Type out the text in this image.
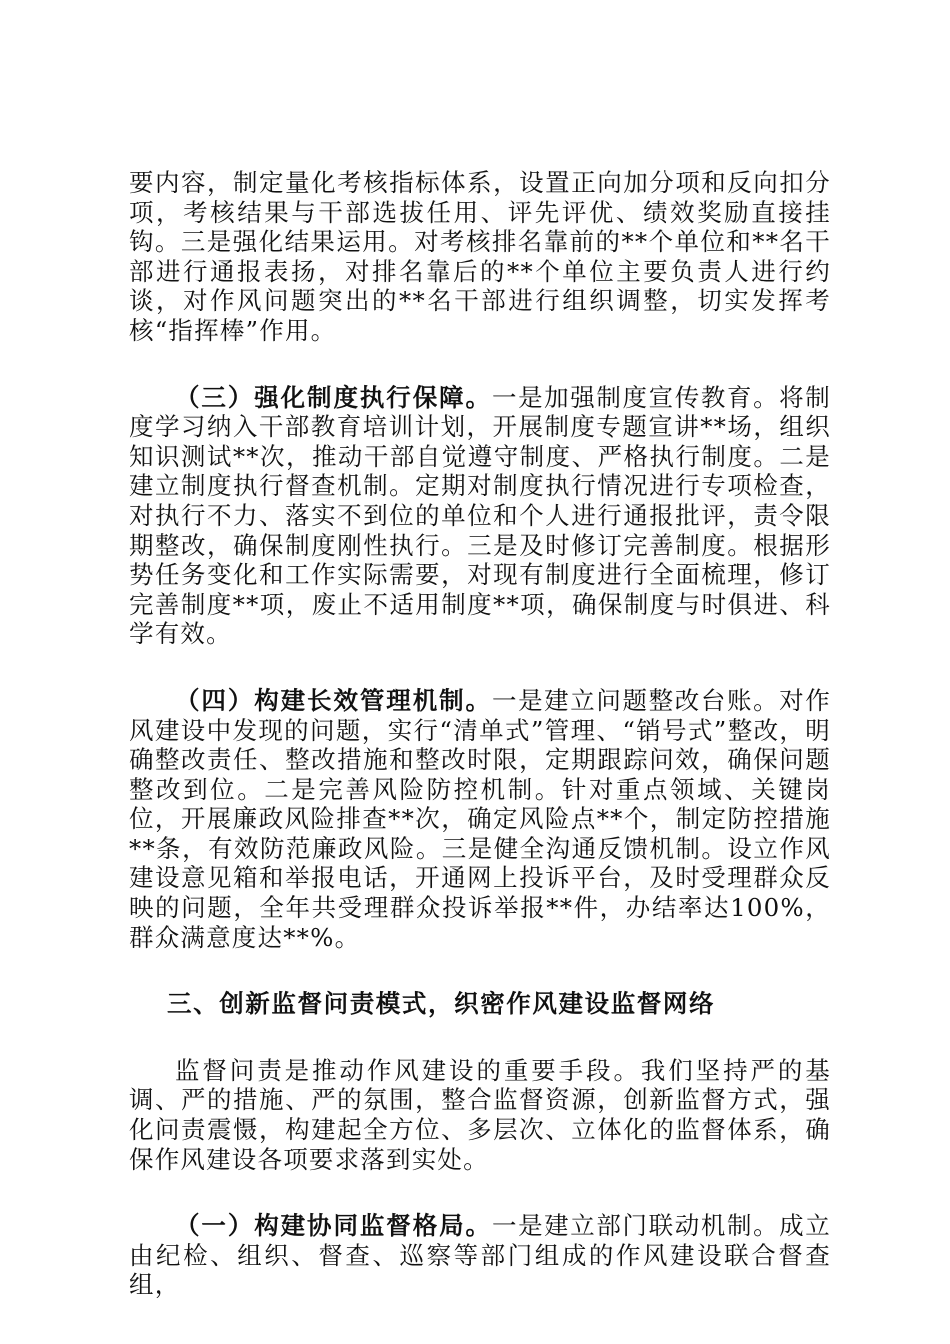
要内容，制定量化考核指标体系，设置正向加分项和反向扣分项，考核结果与干部选拔任用、评先评优、绩效奖励直接挂钩。三是强化结果运用。对考核排名靠前的**个单位和**名干部进行通报表扬，对排名靠后的**个单位主要负责人进行约谈，对作风问题突出的**名干部进行组织调整，切实发挥考核“指挥棒”作用。

（三）强化制度执行保障。一是加强制度宣传教育。将制度学习纳入干部教育培训计划，开展制度专题宣讲**场，组织知识测试**次，推动干部自觉遵守制度、严格执行制度。二是建立制度执行督查机制。定期对制度执行情况进行专项检查，对执行不力、落实不到位的单位和个人进行通报批评，责令限期整改，确保制度刚性执行。三是及时修订完善制度。根据形势任务变化和工作实际需要，对现有制度进行全面梳理，修订完善制度**项，废止不适用制度**项，确保制度与时俱进、科学有效。

（四）构建长效管理机制。一是建立问题整改台账。对作风建设中发现的问题，实行“清单式”管理、“销号式”整改，明确整改责任、整改措施和整改时限，定期跟踪问效，确保问题整改到位。二是完善风险防控机制。针对重点领域、关键岗位，开展廉政风险排查**次，确定风险点**个，制定防控措施**条，有效防范廉政风险。三是健全沟通反馈机制。设立作风建设意见箱和举报电话，开通网上投诉平台，及时受理群众反映的问题，全年共受理群众投诉举报**件，办结率达100%，群众满意度达**%。

三、创新监督问责模式，织密作风建设监督网络

监督问责是推动作风建设的重要手段。我们坚持严的基调、严的措施、严的氛围，整合监督资源，创新监督方式，强化问责震慑，构建起全方位、多层次、立体化的监督体系，确保作风建设各项要求落到实处。

（一）构建协同监督格局。一是建立部门联动机制。成立由纪检、组织、督查、巡察等部门组成的作风建设联合督查组，
